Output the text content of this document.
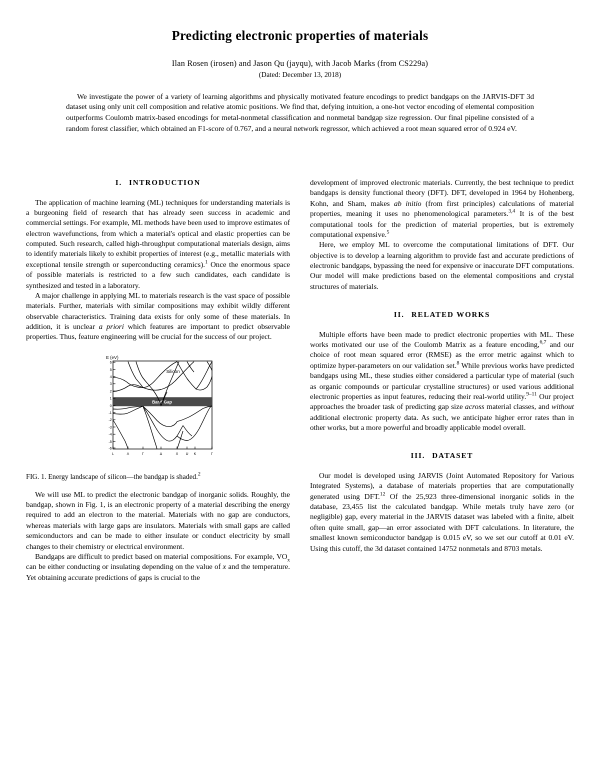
Predicting electronic properties of materials
Ilan Rosen (irosen) and Jason Qu (jayqu), with Jacob Marks (from CS229a)
(Dated: December 13, 2018)
We investigate the power of a variety of learning algorithms and physically motivated feature encodings to predict bandgaps on the JARVIS-DFT 3d dataset using only unit cell composition and relative atomic positions. We find that, defying intuition, a one-hot vector encoding of elemental composition outperforms Coulomb matrix-based encodings for metal-nonmetal classification and nonmetal bandgap size regression. Our final pipeline consisted of a random forest classifier, which obtained an F1-score of 0.767, and a neural network regressor, which achieved a root mean squared error of 0.924 eV.
I. INTRODUCTION

The application of machine learning (ML) techniques for understanding materials is a burgeoning field of research that has already seen success in academic and commercial settings. For example, ML methods have been used to improve estimates of electron wavefunctions, from which a material's optical and elastic properties can be computed. Such research, called high-throughput computational materials design, aims to identify materials likely to exhibit properties of interest (e.g., metallic materials with exceptional tensile strength or superconducting ceramics).$^1$ Once the enormous space of possible materials is restricted to a few such candidates, each candidate is synthesized and tested in a laboratory.

A major challenge in applying ML to materials research is the vast space of possible materials. Further, materials with similar compositions may exhibit wildly different observable characteristics. Training data exists for only some of these materials. In addition, it is unclear a priori which features are important to predict observable properties. Thus, feature engineering will be crucial for the success of our project.

E (eV)
Band Gap
Silicon
6
5
4
3
2
1
0
-1
-2
-3
-4
-5
-6
L	Λ	Γ	Δ	X U K	Γ
FIG. 1. Energy landscape of silicon—the bandgap is shaded.$^2$

We will use ML to predict the electronic bandgap of inorganic solids. Roughly, the bandgap, shown in Fig. 1, is an electronic property of a material describing the energy required to add an electron to the material. Materials with no gap are conductors, whereas materials with large gaps are insulators. Materials with small gaps are called semiconductors and can be made to either insulate or conduct electricity by small changes to their chemistry or electrical environment.

Bandgaps are difficult to predict based on material compositions. For example, $VO_x$ can be either conducting or insulating depending on the value of x and the temperature. Yet obtaining accurate predictions of gaps is crucial to the

development of improved electronic materials. Currently, the best technique to predict bandgaps is density functional theory (DFT). DFT, developed in 1964 by Hohenberg, Kohn, and Sham, makes ab initio (from first principles) calculations of material properties, meaning it uses no phenomenological parameters.$^{3,4}$ It is of the best computational tools for the prediction of material properties, but is extremely computational expensive.$^5$

Here, we employ ML to overcome the computational limitations of DFT. Our objective is to develop a learning algorithm to provide fast and accurate predictions of electronic bandgaps, bypassing the need for expensive or inaccurate DFT computations. Our model will make predictions based on the elemental compositions and crystal structures of materials.

II. RELATED WORKS

Multiple efforts have been made to predict electronic properties with ML. These works motivated our use of the Coulomb Matrix as a feature encoding,$^{6,7}$ and our choice of root mean squared error (RMSE) as the error metric against which to optimize hyper-parameters on our validation set.$^8$ While previous works have predicted bandgaps using ML, these studies either considered a particular type of material (such as organic compounds or particular crystalline structures) or used various additional electronic properties as input features, reducing their real-world utility.$^{9-11}$ Our project approaches the broader task of predicting gap size across material classes, and without additional electronic property data. As such, we anticipate higher error rates than in other works, but a more powerful and broadly applicable model overall.

III. DATASET

Our model is developed using JARVIS (Joint Automated Repository for Various Integrated Systems), a database of materials properties that are computationally generated using DFT.$^{12}$ Of the 25,923 three-dimensional inorganic solids in the database, 23,455 list the calculated bandgap. While metals truly have zero (or negligible) gap, every material in the JARVIS dataset was labeled with a finite, albeit often quite small, gap—an error associated with DFT calculations. In literature, the smallest known semiconductor bandgap is 0.015 eV, so we set our cutoff at 0.01 eV. Using this cutoff, the 3d dataset contained 14752 nonmetals and 8703 metals.
